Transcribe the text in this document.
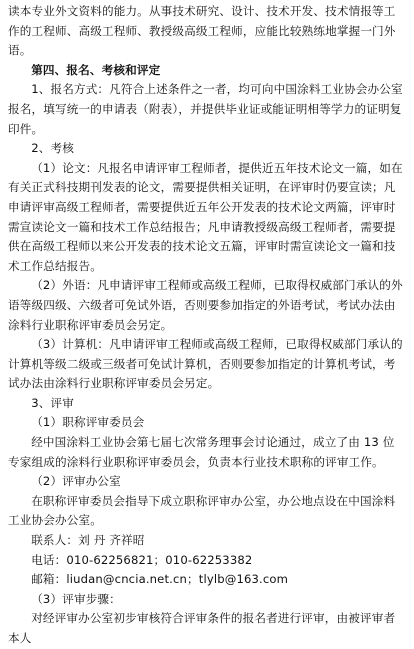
读本专业外文资料的能力。从事技术研究、设计、技术开发、技术情报等工作的工程师、高级工程师、教授级高级工程师，应能比较熟练地掌握一门外语。

第四、报名、考核和评定

1、报名方式：凡符合上述条件之一者，均可向中国涂料工业协会办公室报名，填写统一的申请表（附表），并提供毕业证或能证明相等学力的证明复印件。

2、考核

（1）论文：凡报名申请评审工程师者，提供近五年技术论文一篇，如在有关正式科技期刊发表的论文，需要提供相关证明，在评审时仍要宣读；凡申请评审高级工程师者，需要提供近五年公开发表的技术论文两篇，评审时需宣读论文一篇和技术工作总结报告；凡申请教授级高级工程师者，需要提供在高级工程师以来公开发表的技术论文五篇，评审时需宣读论文一篇和技术工作总结报告。

（2）外语：凡申请评审工程师或高级工程师，已取得权威部门承认的外语等级四级、六级者可免试外语，否则要参加指定的外语考试，考试办法由涂料行业职称评审委员会另定。

（3）计算机：凡申请评审工程师或高级工程师，已取得权威部门承认的计算机等级二级或三级者可免试计算机，否则要参加指定的计算机考试，考试办法由涂料行业职称评审委员会另定。

3、评审

（1）职称评审委员会

经中国涂料工业协会第七届七次常务理事会讨论通过，成立了由 13 位专家组成的涂料行业职称评审委员会，负责本行业技术职称的评审工作。

（2）评审办公室

在职称评审委员会指导下成立职称评审办公室，办公地点设在中国涂料工业协会办公室。

联系人：刘 丹 齐祥昭

电话：010-62256821；010-62253382

邮箱：liudan@cncia.net.cn；tlylb@163.com

（3）评审步骤：

对经评审办公室初步审核符合评审条件的报名者进行评审，由被评审者本人
